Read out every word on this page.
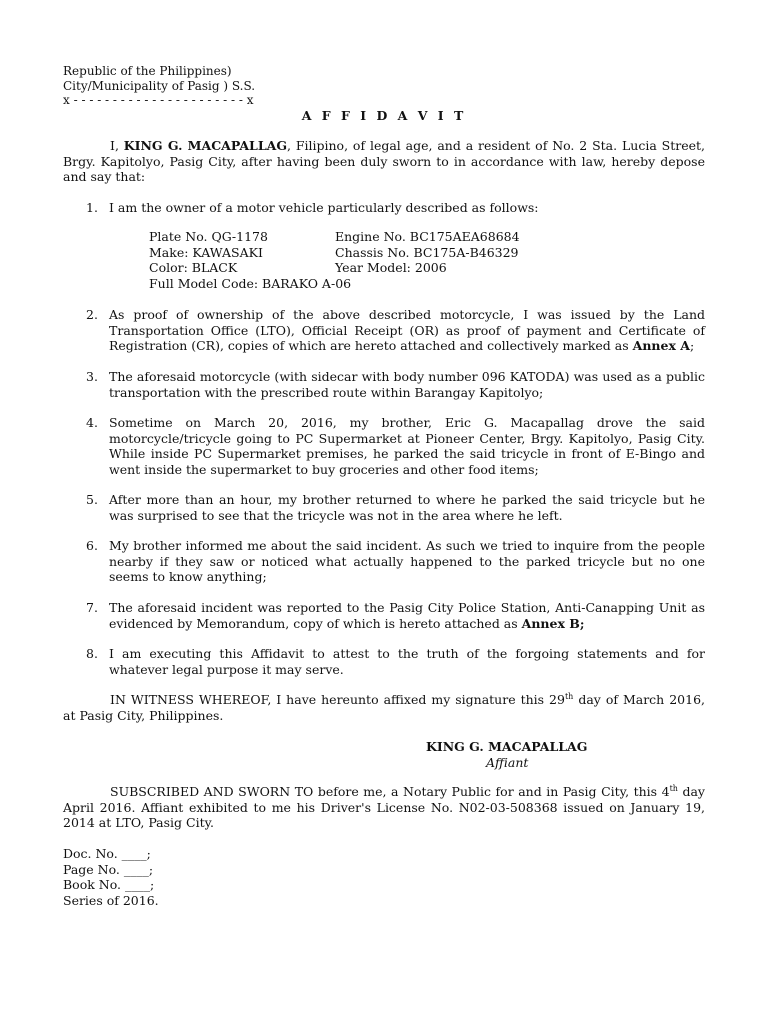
Republic of the Philippines)
City/Municipality of Pasig ) S.S.
x - - - - - - - - - - - - - - - - - - - - - - x
A F F I D A V I T

I, KING G. MACAPALLAG, Filipino, of legal age, and a resident of No. 2 Sta. Lucia Street, Brgy. Kapitolyo, Pasig City, after having been duly sworn to in accordance with law, hereby depose and say that:

1. I am the owner of a motor vehicle particularly described as follows:
Plate No. QG-1178	Engine No. BC175AEA68684
Make: KAWASAKI	Chassis No. BC175A-B46329
Color: BLACK	Year Model: 2006
Full Model Code: BARAKO A-06
2. As proof of ownership of the above described motorcycle, I was issued by the Land Transportation Office (LTO), Official Receipt (OR) as proof of payment and Certificate of Registration (CR), copies of which are hereto attached and collectively marked as Annex A;
3. The aforesaid motorcycle (with sidecar with body number 096 KATODA) was used as a public transportation with the prescribed route within Barangay Kapitolyo;
4. Sometime on March 20, 2016, my brother, Eric G. Macapallag drove the said motorcycle/tricycle going to PC Supermarket at Pioneer Center, Brgy. Kapitolyo, Pasig City. While inside PC Supermarket premises, he parked the said tricycle in front of E-Bingo and went inside the supermarket to buy groceries and other food items;
5. After more than an hour, my brother returned to where he parked the said tricycle but he was surprised to see that the tricycle was not in the area where he left.
6. My brother informed me about the said incident. As such we tried to inquire from the people nearby if they saw or noticed what actually happened to the parked tricycle but no one seems to know anything;
7. The aforesaid incident was reported to the Pasig City Police Station, Anti-Canapping Unit as evidenced by Memorandum, copy of which is hereto attached as Annex B;
8. I am executing this Affidavit to attest to the truth of the forgoing statements and for whatever legal purpose it may serve.

IN WITNESS WHEREOF, I have hereunto affixed my signature this 29th day of March 2016, at Pasig City, Philippines.

KING G. MACAPALLAG
Affiant

SUBSCRIBED AND SWORN TO before me, a Notary Public for and in Pasig City, this 4th day April 2016. Affiant exhibited to me his Driver's License No. N02-03-508368 issued on January 19, 2014 at LTO, Pasig City.

Doc. No. ____;
Page No. ____;
Book No. ____;
Series of 2016.
